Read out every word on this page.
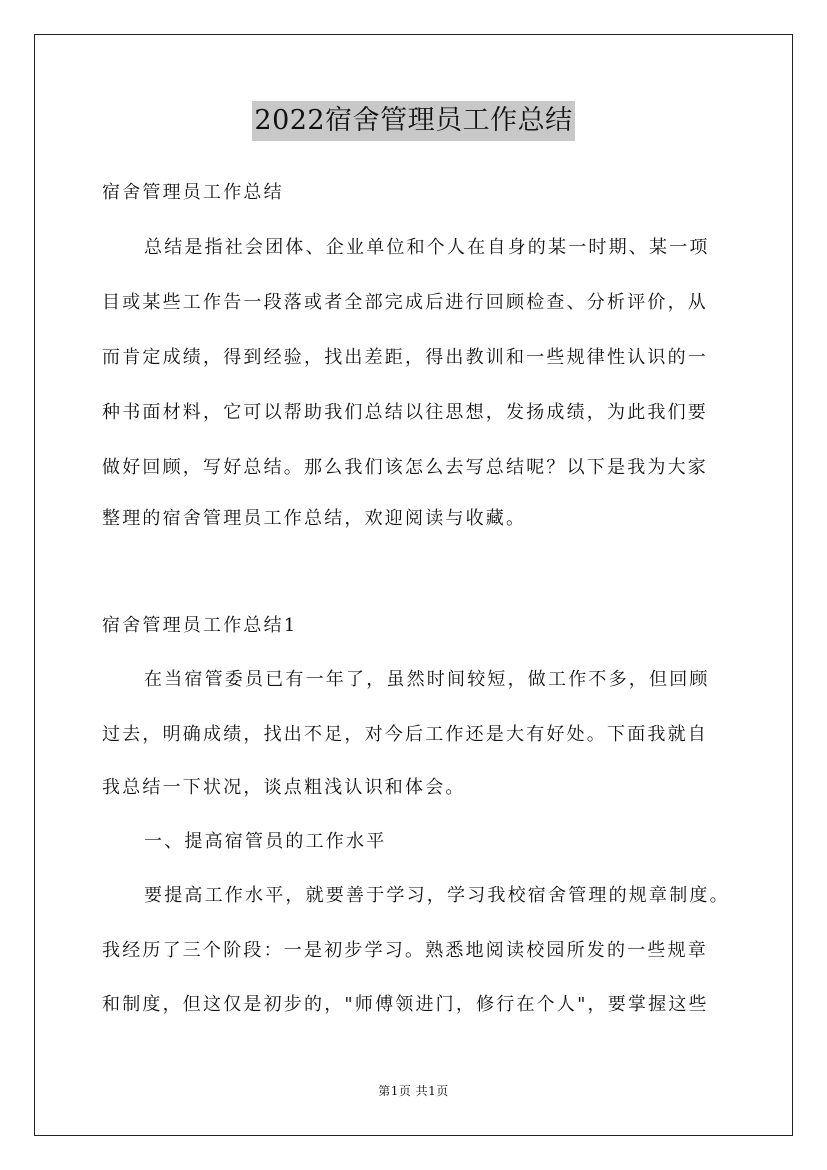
2022宿舍管理员工作总结
宿舍管理员工作总结
总结是指社会团体、企业单位和个人在自身的某一时期、某一项
目或某些工作告一段落或者全部完成后进行回顾检查、分析评价，从
而肯定成绩，得到经验，找出差距，得出教训和一些规律性认识的一
种书面材料，它可以帮助我们总结以往思想，发扬成绩，为此我们要
做好回顾，写好总结。那么我们该怎么去写总结呢？以下是我为大家
整理的宿舍管理员工作总结，欢迎阅读与收藏。
宿舍管理员工作总结1
在当宿管委员已有一年了，虽然时间较短，做工作不多，但回顾
过去，明确成绩，找出不足，对今后工作还是大有好处。下面我就自
我总结一下状况，谈点粗浅认识和体会。
一、提高宿管员的工作水平
要提高工作水平，就要善于学习，学习我校宿舍管理的规章制度。
我经历了三个阶段：一是初步学习。熟悉地阅读校园所发的一些规章
和制度，但这仅是初步的，"师傅领进门，修行在个人"，要掌握这些
第1页 共1页
